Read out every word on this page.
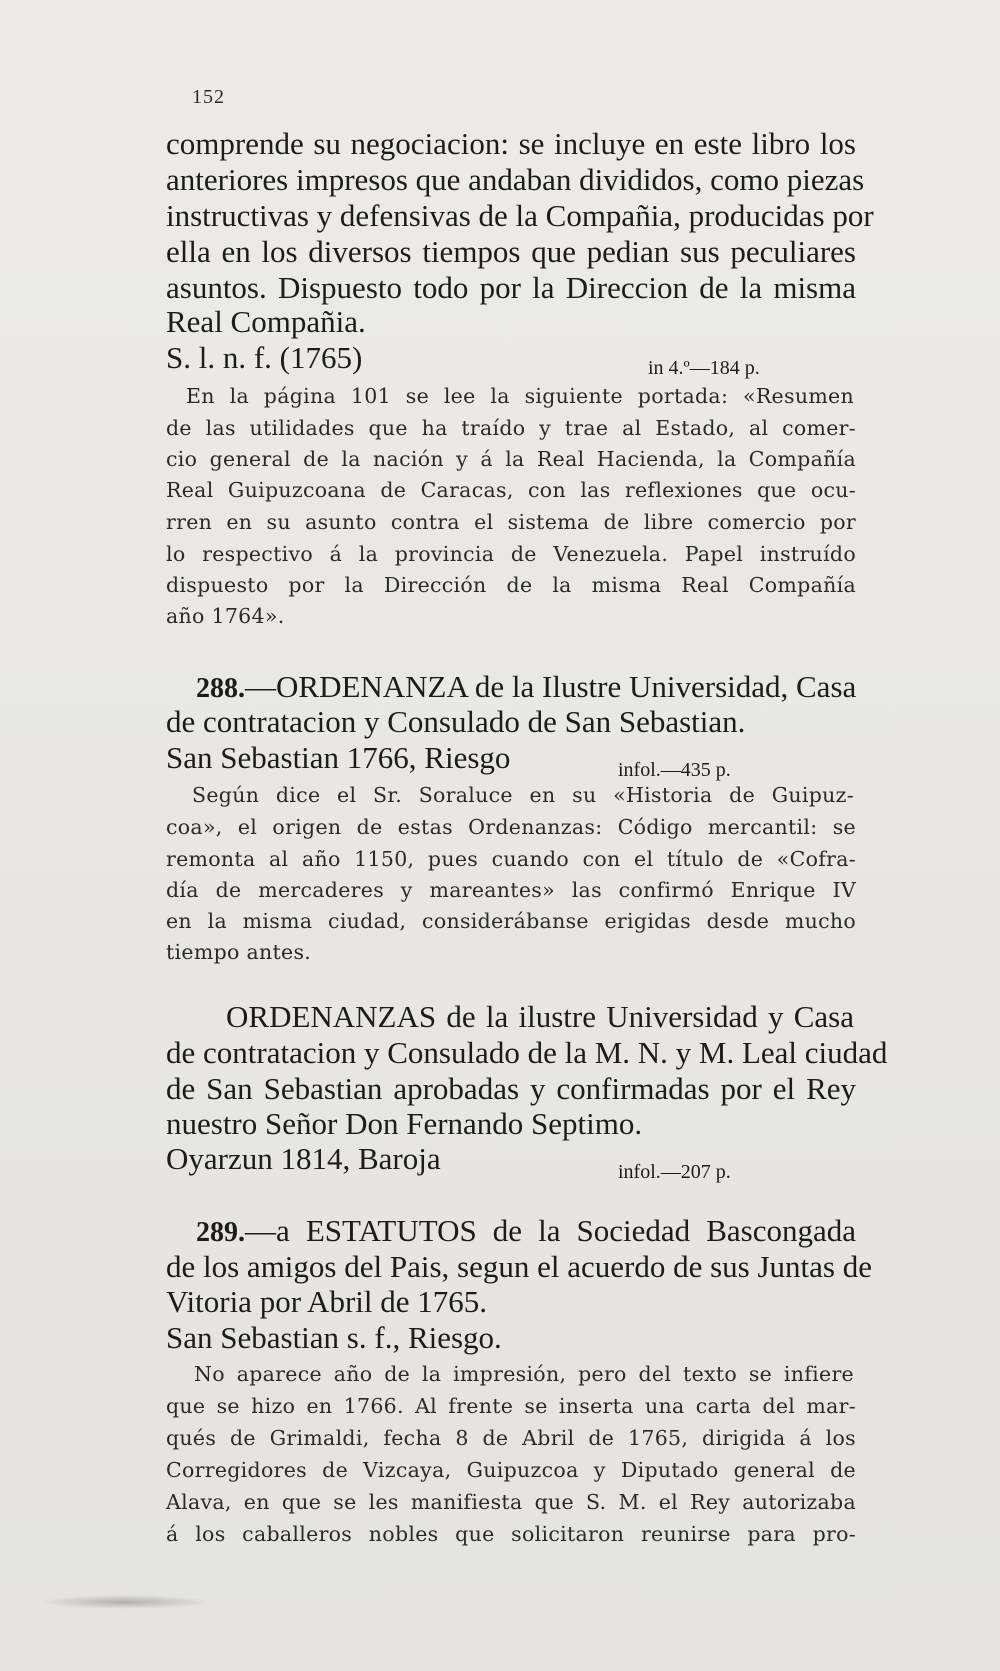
152
comprende su negociacion: se incluye en este libro los
anteriores impresos que andaban divididos, como piezas
instructivas y defensivas de la Compañia, producidas por
ella en los diversos tiempos que pedian sus peculiares
asuntos. Dispuesto todo por la Direccion de la misma
Real Compañia.
S. l. n. f. (1765)	in 4.º—184 p.
En la página 101 se lee la siguiente portada: «Resumen
de las utilidades que ha traído y trae al Estado, al comer-
cio general de la nación y á la Real Hacienda, la Compañía
Real Guipuzcoana de Caracas, con las reflexiones que ocu-
rren en su asunto contra el sistema de libre comercio por
lo respectivo á la provincia de Venezuela. Papel instruído
dispuesto por la Dirección de la misma Real Compañía
año 1764».
288.—ORDENANZA de la Ilustre Universidad, Casa
de contratacion y Consulado de San Sebastian.
San Sebastian 1766, Riesgo	infol.—435 p.
Según dice el Sr. Soraluce en su «Historia de Guipuz-
coa», el origen de estas Ordenanzas: Código mercantil: se
remonta al año 1150, pues cuando con el título de «Cofra-
día de mercaderes y mareantes» las confirmó Enrique IV
en la misma ciudad, considerábanse erigidas desde mucho
tiempo antes.
ORDENANZAS de la ilustre Universidad y Casa
de contratacion y Consulado de la M. N. y M. Leal ciudad
de San Sebastian aprobadas y confirmadas por el Rey
nuestro Señor Don Fernando Septimo.
Oyarzun 1814, Baroja	infol.—207 p.
289.—a ESTATUTOS de la Sociedad Bascongada
de los amigos del Pais, segun el acuerdo de sus Juntas de
Vitoria por Abril de 1765.
San Sebastian s. f., Riesgo.
No aparece año de la impresión, pero del texto se infiere
que se hizo en 1766. Al frente se inserta una carta del mar-
qués de Grimaldi, fecha 8 de Abril de 1765, dirigida á los
Corregidores de Vizcaya, Guipuzcoa y Diputado general de
Alava, en que se les manifiesta que S. M. el Rey autorizaba
á los caballeros nobles que solicitaron reunirse para pro-
